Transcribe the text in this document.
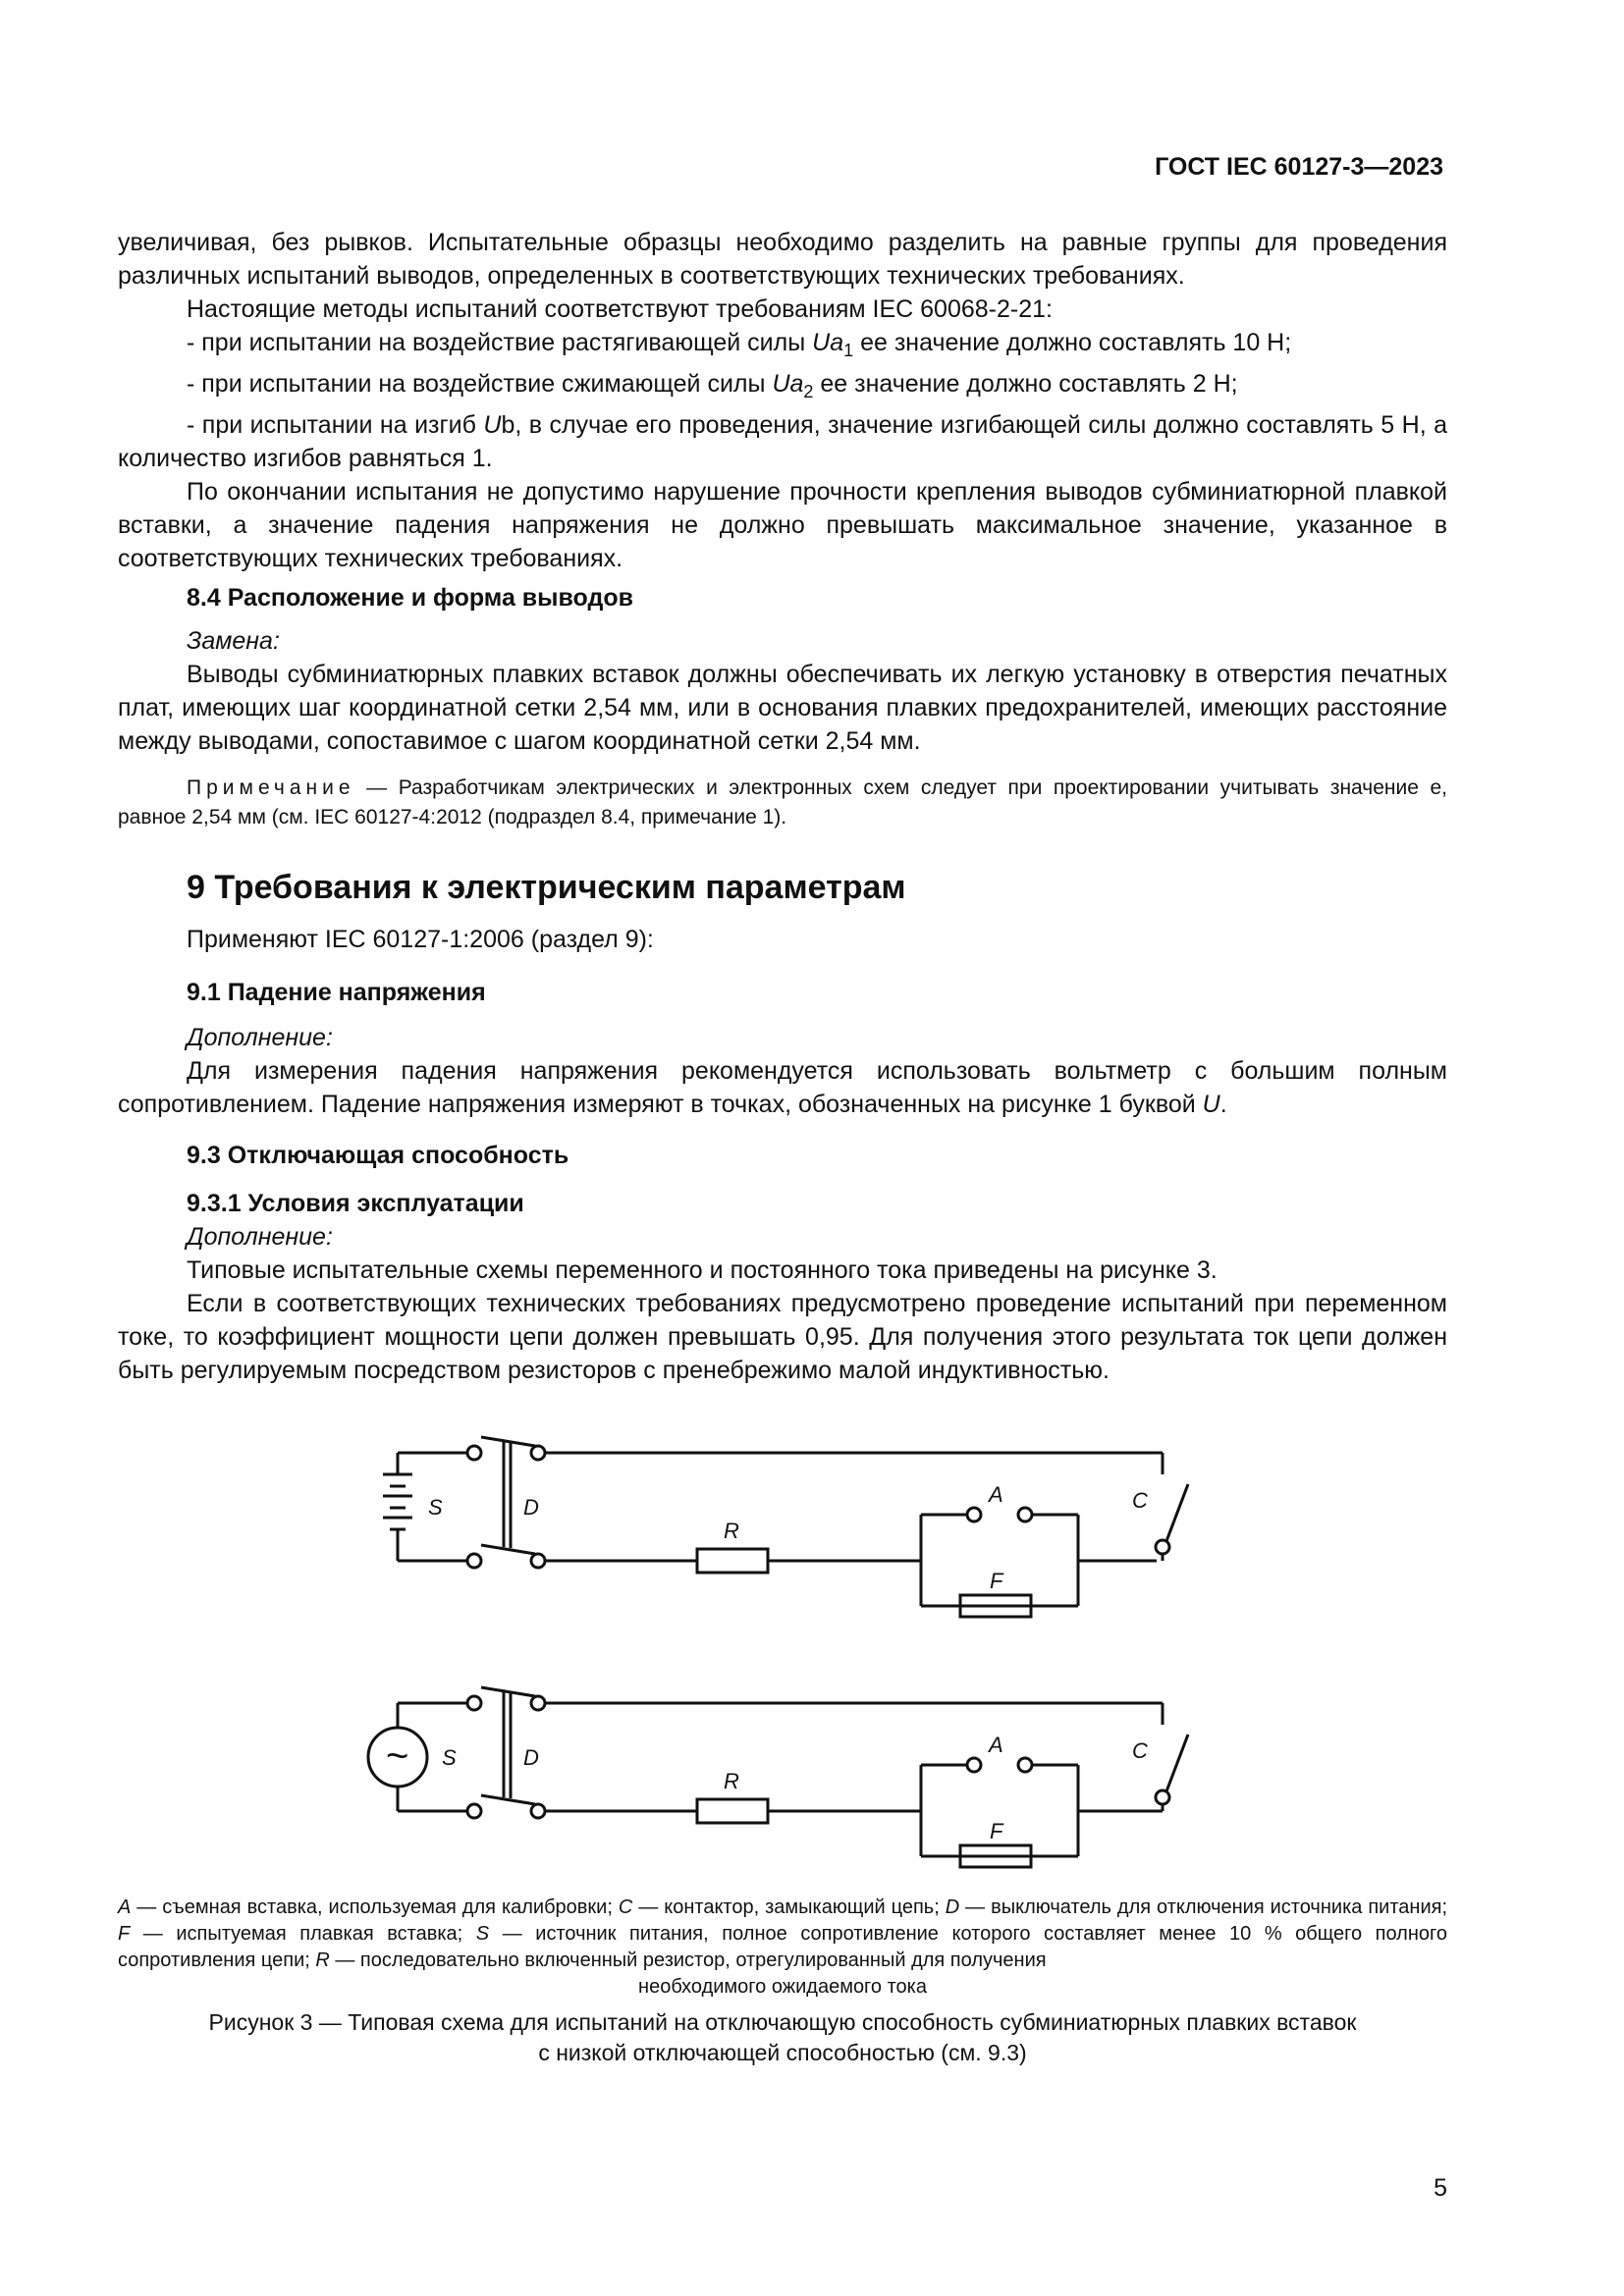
ГОСТ IEC 60127-3—2023

увеличивая, без рывков. Испытательные образцы необходимо разделить на равные группы для проведения различных испытаний выводов, определенных в соответствующих технических требованиях.

Настоящие методы испытаний соответствуют требованиям IEC 60068-2-21:

- при испытании на воздействие растягивающей силы $Ua_1$ ее значение должно составлять 10 Н;

- при испытании на воздействие сжимающей силы $Ua_2$ ее значение должно составлять 2 Н;

- при испытании на изгиб Ub, в случае его проведения, значение изгибающей силы должно составлять 5 Н, а количество изгибов равняться 1.

По окончании испытания не допустимо нарушение прочности крепления выводов субминиатюрной плавкой вставки, а значение падения напряжения не должно превышать максимальное значение, указанное в соответствующих технических требованиях.

8.4 Расположение и форма выводов

Замена:

Выводы субминиатюрных плавких вставок должны обеспечивать их легкую установку в отверстия печатных плат, имеющих шаг координатной сетки 2,54 мм, или в основания плавких предохранителей, имеющих расстояние между выводами, сопоставимое с шагом координатной сетки 2,54 мм.

Примечание — Разработчикам электрических и электронных схем следует при проектировании учитывать значение e, равное 2,54 мм (см. IEC 60127-4:2012 (подраздел 8.4, примечание 1).
9 Требования к электрическим параметрам

Применяют IEC 60127-1:2006 (раздел 9):

9.1 Падение напряжения

Дополнение:

Для измерения падения напряжения рекомендуется использовать вольтметр с большим полным сопротивлением. Падение напряжения измеряют в точках, обозначенных на рисунке 1 буквой U.

9.3 Отключающая способность

9.3.1 Условия эксплуатации

Дополнение:

Типовые испытательные схемы переменного и постоянного тока приведены на рисунке 3.

Если в соответствующих технических требованиях предусмотрено проведение испытаний при переменном токе, то коэффициент мощности цепи должен превышать 0,95. Для получения этого результата ток цепи должен быть регулируемым посредством резисторов с пренебрежимо малой индуктивностью.

S	D
R
A
F
C
~ S	D
R
A
F
C
A — съемная вставка, используемая для калибровки; C — контактор, замыкающий цепь; D — выключатель для отключения источника питания; F — испытуемая плавкая вставка; S — источник питания, полное сопротивление которого составляет менее 10 % общего полного сопротивления цепи; R — последовательно включенный резистор, отрегулированный для получения
необходимого ожидаемого тока
Рисунок 3 — Типовая схема для испытаний на отключающую способность субминиатюрных плавких вставок
с низкой отключающей способностью (см. 9.3)
5
